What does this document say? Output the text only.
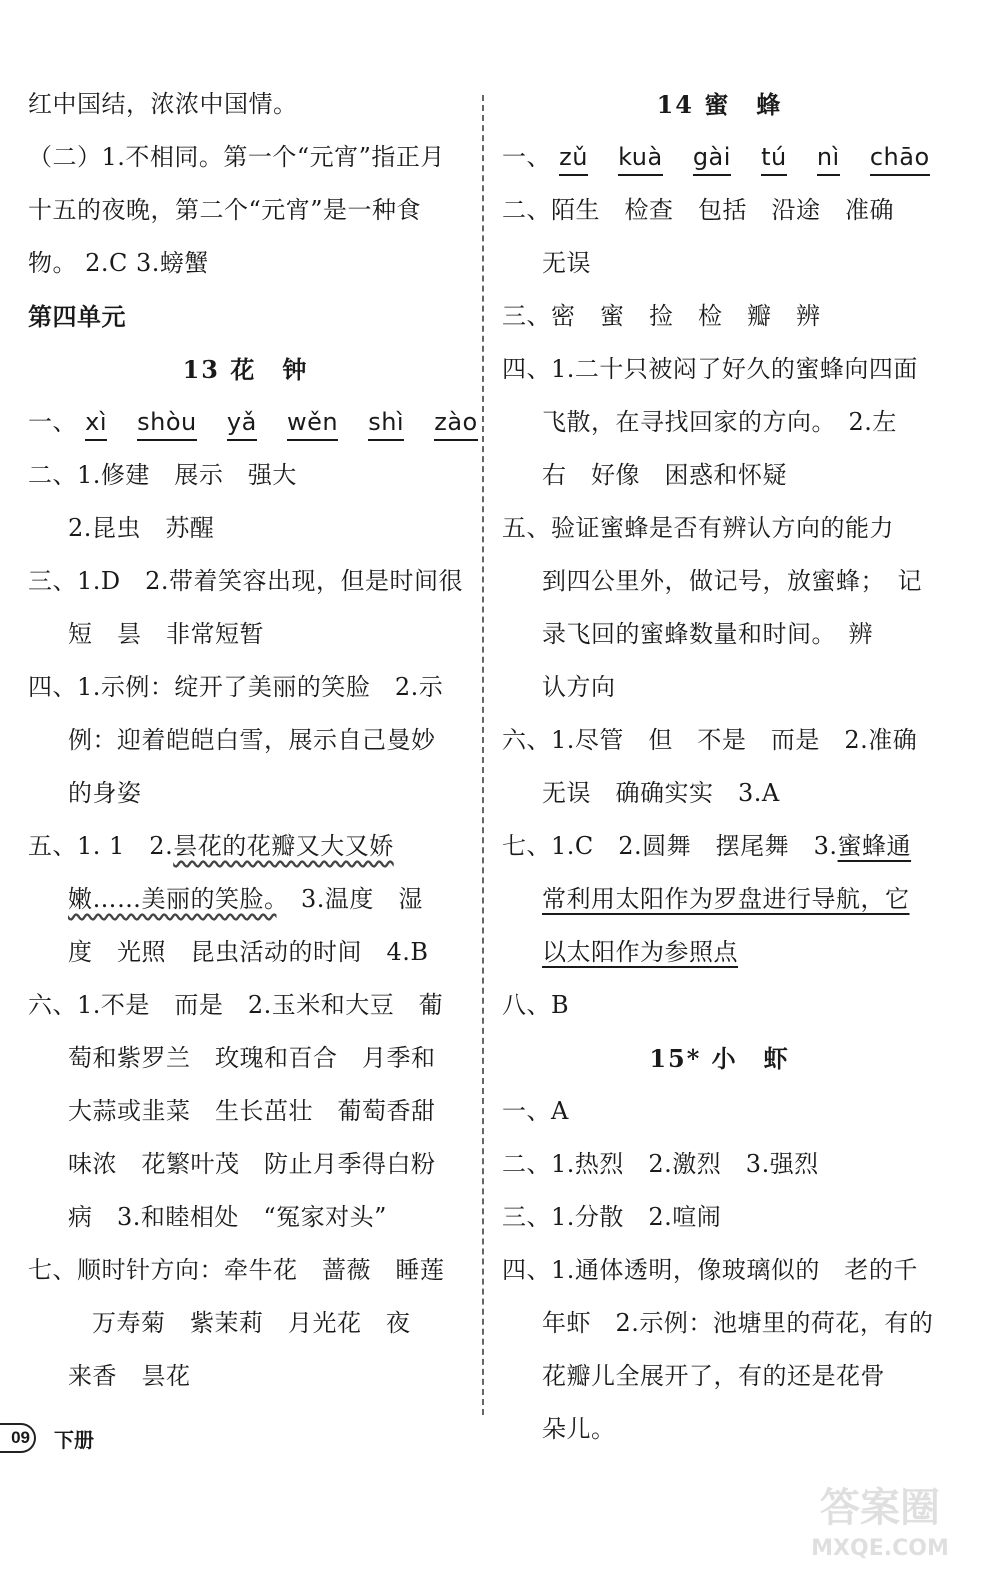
红中国结，浓浓中国情。
（二）1.不相同。第一个“元宵”指正月
十五的夜晚，第二个“元宵”是一种食
物。 2.C 3.螃蟹
第四单元
13 花　钟
一、 xì shòu yǎ wěn shì zào
二、1.修建　展示　强大
2.昆虫　苏醒
三、1.D　2.带着笑容出现，但是时间很
短　昙　非常短暂
四、1.示例：绽开了美丽的笑脸　2.示
例：迎着皑皑白雪，展示自己曼妙
的身姿
五、1. 1　2.昙花的花瓣又大又娇
嫩……美丽的笑脸。　 3.温度　湿
度　光照　昆虫活动的时间　4.B
六、1.不是　而是　2.玉米和大豆　葡
萄和紫罗兰　玫瑰和百合　月季和
大蒜或韭菜　生长茁壮　葡萄香甜
味浓　花繁叶茂　防止月季得白粉
病　3.和睦相处　“冤家对头”
七、顺时针方向：牵牛花　蔷薇　睡莲
万寿菊　紫茉莉　月光花　夜
来香　昙花
14 蜜　蜂
一、 zǔ kuà gài tú nì chāo
二、陌生　检查　包括　沿途　准确
无误
三、密　蜜　捡　检　瓣　辨
四、1.二十只被闷了好久的蜜蜂向四面
飞散，在寻找回家的方向。　2.左
右　好像　困惑和怀疑
五、验证蜜蜂是否有辨认方向的能力
到四公里外，做记号，放蜜蜂；　记
录飞回的蜜蜂数量和时间。　辨
认方向
六、1.尽管　但　不是　而是　2.准确
无误　确确实实　3.A
七、1.C　2.圆舞　摆尾舞　3.蜜蜂通
常利用太阳作为罗盘进行导航，它
以太阳作为参照点
八、B
15* 小　虾
一、A
二、1.热烈　2.激烈　3.强烈
三、1.分散　2.喧闹
四、1.通体透明，像玻璃似的　老的千
年虾　2.示例：池塘里的荷花，有的
花瓣儿全展开了，有的还是花骨
朵儿。
09	下册
答案圈
MXQE.COM
